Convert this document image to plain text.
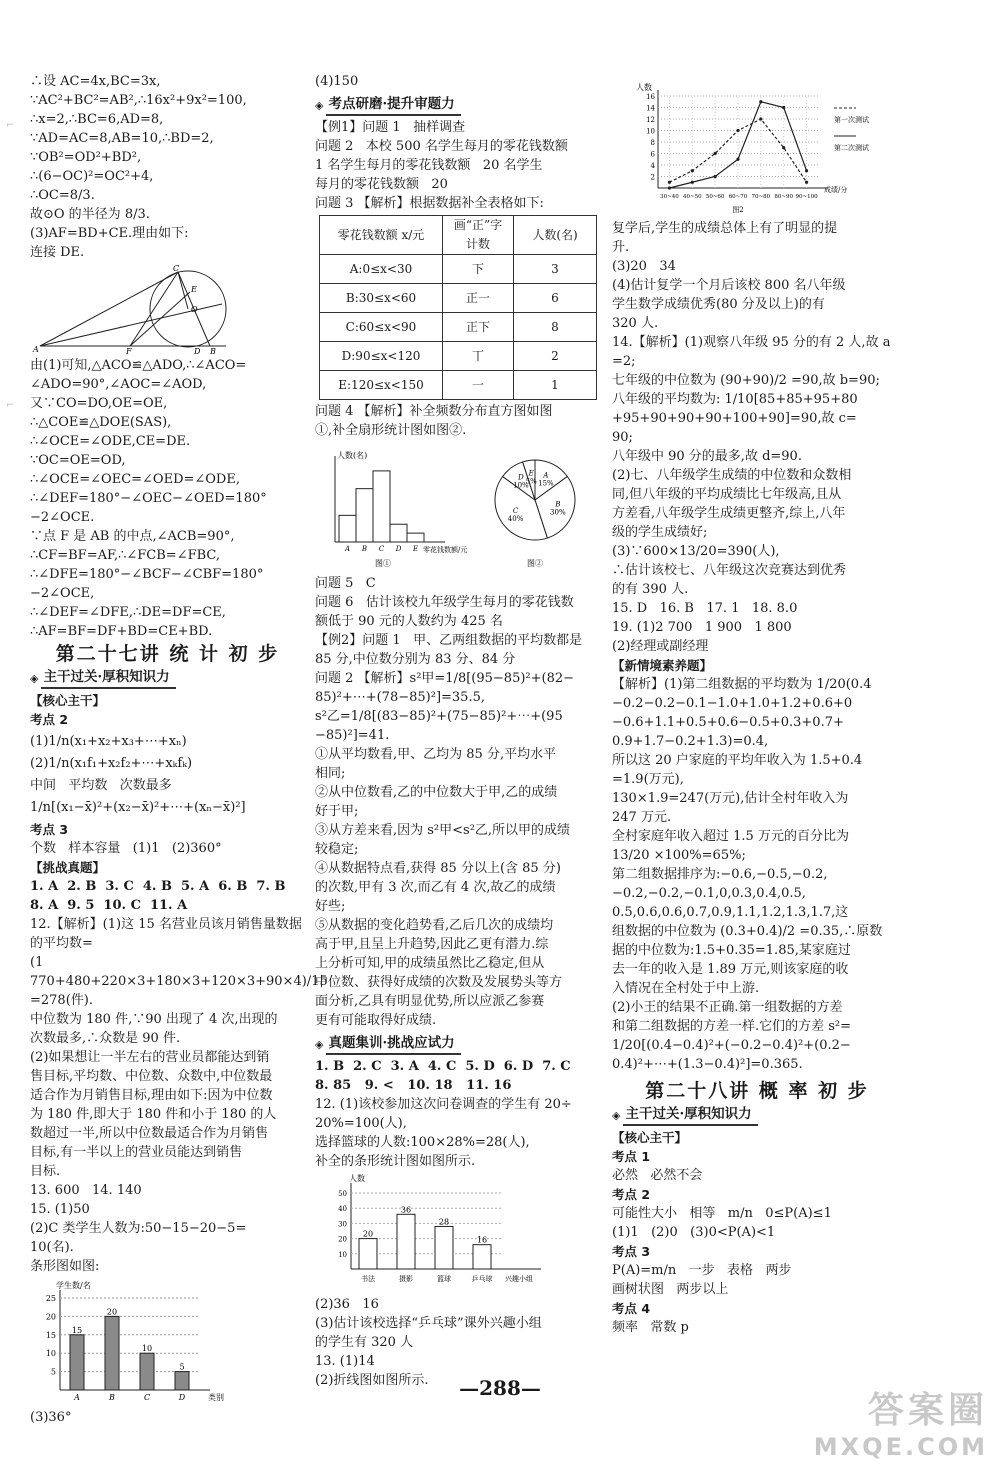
⌐
⌐

∴设 AC=4x,BC=3x,

∵AC²+BC²=AB²,∴16x²+9x²=100,

∴x=2,∴BC=6,AD=8,

∵AD=AC=8,AB=10,∴BD=2,

∵OB²=OD²+BD²,

∴(6−OC)²=OC²+4,

∴OC=8/3.

故⊙O 的半径为 8/3.

(3)AF=BD+CE.理由如下:

连接 DE.

A
C
F	D B
O
E

由(1)可知,△ACO≌△ADO,∴∠ACO=

∠ADO=90°,∠AOC=∠AOD,

又∵CO=DO,OE=OE,

∴△COE≌△DOE(SAS),

∴∠OCE=∠ODE,CE=DE.

∵OC=OE=OD,

∴∠OCE=∠OEC=∠OED=∠ODE,

∴∠DEF=180°−∠OEC−∠OED=180°

−2∠OCE.

∵点 F 是 AB 的中点,∠ACB=90°,

∴CF=BF=AF,∴∠FCB=∠FBC,

∴∠DFE=180°−∠BCF−∠CBF=180°

−2∠OCE,

∴∠DEF=∠DFE,∴DE=DF=CE,

∴AF=BF=DF+BD=CE+BD.

第二十七讲 统 计 初 步
◈ 主干过关·厚积知识力

【核心主干】

考点 2

(1)1/n(x₁+x₂+x₃+⋯+xₙ)

(2)1/n(x₁f₁+x₂f₂+⋯+xₖfₖ)

中间   平均数   次数最多

1/n[(x₁−x̄)²+(x₂−x̄)²+⋯+(xₙ−x̄)²]

考点 3

个数   样本容量   (1)1   (2)360°

【挑战真题】

1. A  2. B  3. C  4. B  5. A  6. B  7. B

8. A  9. 5  10. C  11. A

12.【解析】(1)这 15 名营业员该月销售量数据

的平均数=

(1 770+480+220×3+180×3+120×3+90×4)/15

=278(件).

中位数为 180 件,∵90 出现了 4 次,出现的

次数最多,∴众数是 90 件.

(2)如果想让一半左右的营业员都能达到销

售目标,平均数、中位数、众数中,中位数最

适合作为月销售目标,理由如下:因为中位数

为 180 件,即大于 180 件和小于 180 的人

数超过一半,所以中位数最适合作为月销售

目标,有一半以上的营业员能达到销售

目标.

13. 600   14. 140

15. (1)50

(2)C 类学生人数为:50−15−20−5=

10(名).

条形图如图:

学生数/名
类别
5
10
15
20
25
15
A
20
B
10
C
5
D

(3)36°

(4)150

◈ 考点研磨·提升审题力

【例1】问题 1   抽样调查

问题 2   本校 500 名学生每月的零花钱数额

1 名学生每月的零花钱数额   20 名学生

每月的零花钱数额   20

问题 3 【解析】根据数据补全表格如下:

零花钱数额 x/元	画“正”字计数	人数(名)
A:0≤x<30	下	3
B:30≤x<60	正一	6
C:60≤x<90	正下	8
D:90≤x<120	丅	2
E:120≤x<150	一	1

问题 4 【解析】补全频数分布直方图如图

①,补全扇形统计图如图②.

人数(名)
零花钱数额/元
A B C D E
图①
A
15%
B
30%
C
40%
D
10%
E
5%
图②

问题 5   C

问题 6   估计该校九年级学生每月的零花钱数

额低于 90 元的人数约为 425 名

【例2】问题 1   甲、乙两组数据的平均数都是

85 分,中位数分别为 83 分、84 分

问题 2 【解析】s²甲=1/8[(95−85)²+(82−

85)²+⋯+(78−85)²]=35.5,

s²乙=1/8[(83−85)²+(75−85)²+⋯+(95

−85)²]=41.

①从平均数看,甲、乙均为 85 分,平均水平

相同;

②从中位数看,乙的中位数大于甲,乙的成绩

好于甲;

③从方差来看,因为 s²甲<s²乙,所以甲的成绩

较稳定;

④从数据特点看,获得 85 分以上(含 85 分)

的次数,甲有 3 次,而乙有 4 次,故乙的成绩

好些;

⑤从数据的变化趋势看,乙后几次的成绩均

高于甲,且呈上升趋势,因此乙更有潜力.综

上分析可知,甲的成绩虽然比乙稳定,但从

中位数、获得好成绩的次数及发展势头等方

面分析,乙具有明显优势,所以应派乙参赛

更有可能取得好成绩.

◈ 真题集训·挑战应试力

1. B  2. C  3. A  4. C  5. D  6. D  7. C

8. 85   9. <   10. 18   11. 16

12. (1)该校参加这次问卷调查的学生有 20÷

20%=100(人),

选择篮球的人数:100×28%=28(人),

补全的条形统计图如图所示.

人数
兴趣小组
10
20
30
40
50
20
书法
36
摄影
28
篮球
16
乒乓球

(2)36   16

(3)估计该校选择“乒乓球”课外兴趣小组

的学生有 320 人

13. (1)14

(2)折线图如图所示.

人数
成绩/分
2
4
6
8
10
12
14
16
30~40 40~50 50~60 60~70 70~80 80~90 90~100
第一次测试
第二次测试
图2

复学后,学生的成绩总体上有了明显的提

升.

(3)20   34

(4)估计复学一个月后该校 800 名八年级

学生数学成绩优秀(80 分及以上)的有

320 人.

14.【解析】(1)观察八年级 95 分的有 2 人,故 a

=2;

七年级的中位数为 (90+90)/2 =90,故 b=90;

八年级的平均数为: 1/10[85+85+95+80

+95+90+90+90+100+90]=90,故 c=

90;

八年级中 90 分的最多,故 d=90.

(2)七、八年级学生成绩的中位数和众数相

同,但八年级的平均成绩比七年级高,且从

方差看,八年级学生成绩更整齐,综上,八年

级的学生成绩好;

(3)∵600×13/20=390(人),

∴估计该校七、八年级这次竞赛达到优秀

的有 390 人.

15. D   16. B   17. 1   18. 8.0

19. (1)2 700   1 900   1 800

(2)经理或副经理

【新情境素养题】

【解析】(1)第二组数据的平均数为 1/20(0.4

−0.2−0.2−0.1−1.0+1.0+1.2+0.6+0

−0.6+1.1+0.5+0.6−0.5+0.3+0.7+

0.9+1.7−0.2+1.3)=0.4,

所以这 20 户家庭的平均年收入为 1.5+0.4

=1.9(万元),

130×1.9=247(万元),估计全村年收入为

247 万元.

全村家庭年收入超过 1.5 万元的百分比为

13/20 ×100%=65%;

第二组数据排序为:−0.6,−0.5,−0.2,

−0.2,−0.2,−0.1,0,0.3,0.4,0.5,

0.5,0.6,0.6,0.7,0.9,1.1,1.2,1.3,1.7,这

组数据的中位数为 (0.3+0.4)/2 =0.35,∴原数

据的中位数为:1.5+0.35=1.85,某家庭过

去一年的收入是 1.89 万元,则该家庭的收

入情况在全村处于中上游.

(2)小王的结果不正确.第一组数据的方差

和第二组数据的方差一样.它们的方差 s²=

1/20[(0.4−0.4)²+(−0.2−0.4)²+(0.2−

0.4)²+⋯+(1.3−0.4)²]=0.365.

第二十八讲 概 率 初 步
◈ 主干过关·厚积知识力

【核心主干】

考点 1

必然   必然不会

考点 2

可能性大小   相等   m/n   0≤P(A)≤1

(1)1   (2)0   (3)0<P(A)<1

考点 3

P(A)=m/n   一步   表格   两步

画树状图   两步以上

考点 4

频率   常数 p

—288—
答案圈
MXQE.COM
